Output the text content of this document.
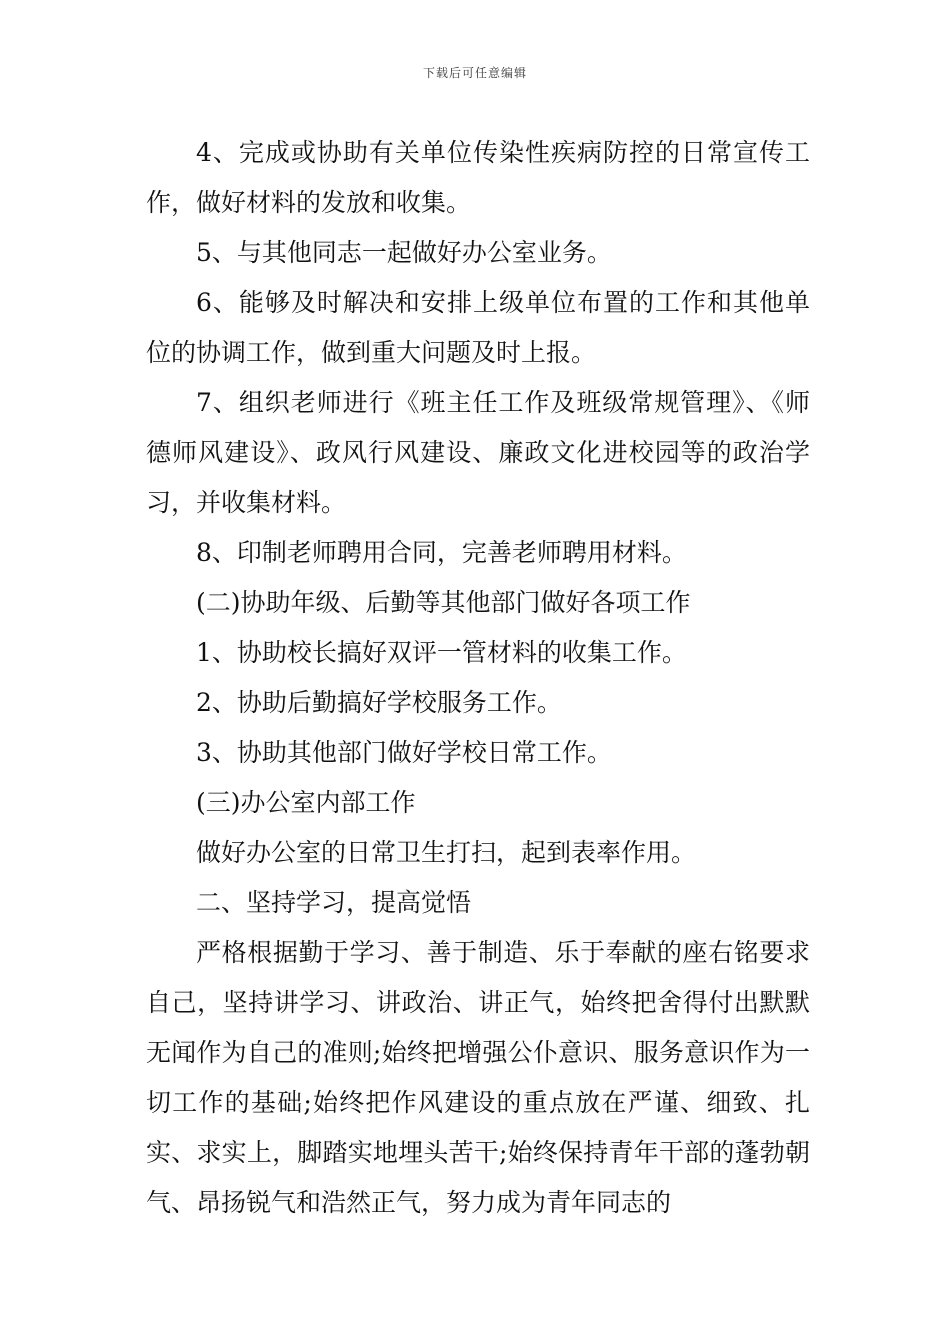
下载后可任意编辑

4、完成或协助有关单位传染性疾病防控的日常宣传工作，做好材料的发放和收集。

5、与其他同志一起做好办公室业务。

6、能够及时解决和安排上级单位布置的工作和其他单位的协调工作，做到重大问题及时上报。

7、组织老师进行《班主任工作及班级常规管理》、《师德师风建设》、政风行风建设、廉政文化进校园等的政治学习，并收集材料。

8、印制老师聘用合同，完善老师聘用材料。

(二)协助年级、后勤等其他部门做好各项工作

1、协助校长搞好双评一管材料的收集工作。

2、协助后勤搞好学校服务工作。

3、协助其他部门做好学校日常工作。

(三)办公室内部工作

做好办公室的日常卫生打扫，起到表率作用。

二、坚持学习，提高觉悟

严格根据勤于学习、善于制造、乐于奉献的座右铭要求自己，坚持讲学习、讲政治、讲正气，始终把舍得付出默默无闻作为自己的准则;始终把增强公仆意识、服务意识作为一切工作的基础;始终把作风建设的重点放在严谨、细致、扎实、求实上，脚踏实地埋头苦干;始终保持青年干部的蓬勃朝气、昂扬锐气和浩然正气，努力成为青年同志的
